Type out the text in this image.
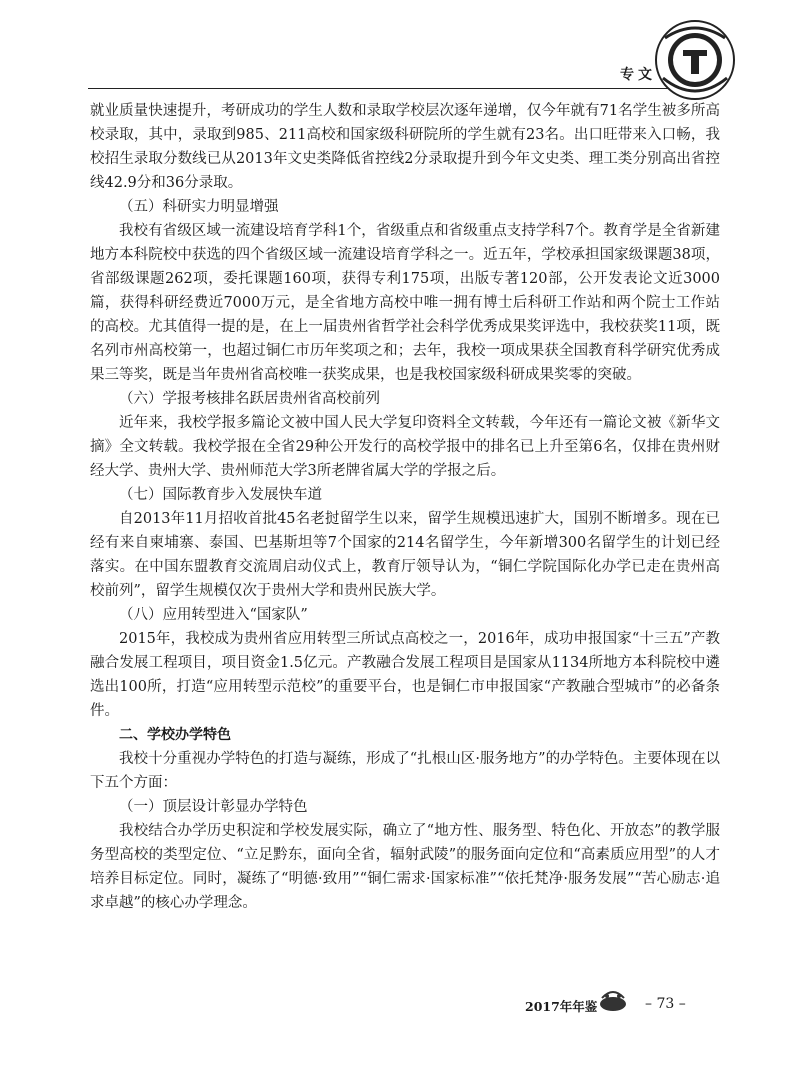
专文

就业质量快速提升，考研成功的学生人数和录取学校层次逐年递增，仅今年就有71名学生被多所高校录取，其中，录取到985、211高校和国家级科研院所的学生就有23名。出口旺带来入口畅，我校招生录取分数线已从2013年文史类降低省控线2分录取提升到今年文史类、理工类分别高出省控线42.9分和36分录取。

（五）科研实力明显增强

我校有省级区域一流建设培育学科1个，省级重点和省级重点支持学科7个。教育学是全省新建地方本科院校中获选的四个省级区域一流建设培育学科之一。近五年，学校承担国家级课题38项，省部级课题262项，委托课题160项，获得专利175项，出版专著120部，公开发表论文近3000篇，获得科研经费近7000万元，是全省地方高校中唯一拥有博士后科研工作站和两个院士工作站的高校。尤其值得一提的是，在上一届贵州省哲学社会科学优秀成果奖评选中，我校获奖11项，既名列市州高校第一，也超过铜仁市历年奖项之和；去年，我校一项成果获全国教育科学研究优秀成果三等奖，既是当年贵州省高校唯一获奖成果，也是我校国家级科研成果奖零的突破。

（六）学报考核排名跃居贵州省高校前列

近年来，我校学报多篇论文被中国人民大学复印资料全文转载，今年还有一篇论文被《新华文摘》全文转载。我校学报在全省29种公开发行的高校学报中的排名已上升至第6名，仅排在贵州财经大学、贵州大学、贵州师范大学3所老牌省属大学的学报之后。

（七）国际教育步入发展快车道

自2013年11月招收首批45名老挝留学生以来，留学生规模迅速扩大，国别不断增多。现在已经有来自柬埔寨、泰国、巴基斯坦等7个国家的214名留学生，今年新增300名留学生的计划已经落实。在中国东盟教育交流周启动仪式上，教育厅领导认为，“铜仁学院国际化办学已走在贵州高校前列”，留学生规模仅次于贵州大学和贵州民族大学。

（八）应用转型进入“国家队”

2015年，我校成为贵州省应用转型三所试点高校之一，2016年，成功申报国家“十三五”产教融合发展工程项目，项目资金1.5亿元。产教融合发展工程项目是国家从1134所地方本科院校中遴选出100所，打造“应用转型示范校”的重要平台，也是铜仁市申报国家“产教融合型城市”的必备条件。

二、学校办学特色

我校十分重视办学特色的打造与凝练，形成了“扎根山区·服务地方”的办学特色。主要体现在以下五个方面：

（一）顶层设计彰显办学特色

我校结合办学历史积淀和学校发展实际，确立了“地方性、服务型、特色化、开放态”的教学服务型高校的类型定位、“立足黔东，面向全省，辐射武陵”的服务面向定位和“高素质应用型”的人才培养目标定位。同时，凝练了“明德·致用”“铜仁需求·国家标准”“依托梵净·服务发展”“苦心励志·追求卓越”的核心办学理念。

2017年年鉴	– 73 –
